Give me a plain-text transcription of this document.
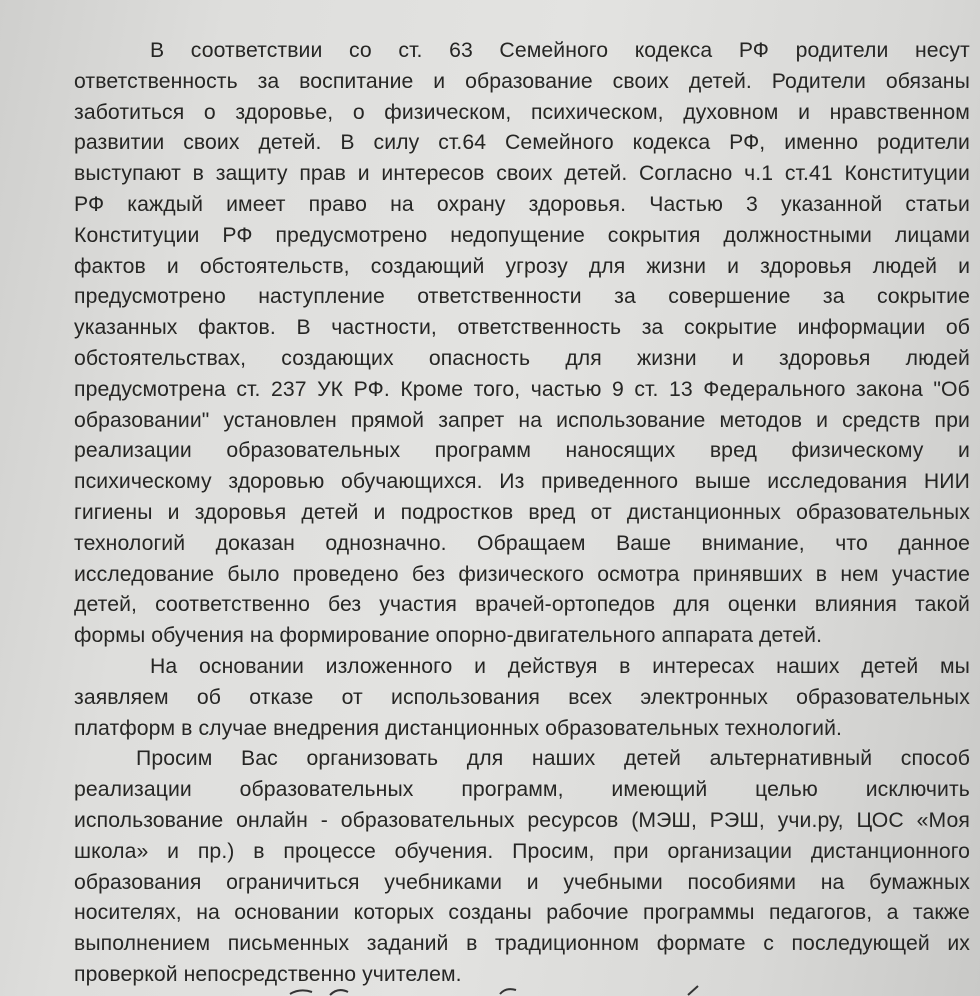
В соответствии со ст. 63 Семейного кодекса РФ родители несут
ответственность за воспитание и образование своих детей. Родители обязаны
заботиться о здоровье, о физическом, психическом, духовном и нравственном
развитии своих детей. В силу ст.64 Семейного кодекса РФ, именно родители
выступают в защиту прав и интересов своих детей. Согласно ч.1 ст.41 Конституции
РФ каждый имеет право на охрану здоровья. Частью 3 указанной статьи
Конституции РФ предусмотрено недопущение сокрытия должностными лицами
фактов и обстоятельств, создающий угрозу для жизни и здоровья людей и
предусмотрено наступление ответственности за совершение за сокрытие
указанных фактов. В частности, ответственность за сокрытие информации об
обстоятельствах, создающих опасность для жизни и здоровья людей
предусмотрена ст. 237 УК РФ. Кроме того, частью 9 ст. 13 Федерального закона "Об
образовании" установлен прямой запрет на использование методов и средств при
реализации образовательных программ наносящих вред физическому и
психическому здоровью обучающихся. Из приведенного выше исследования НИИ
гигиены и здоровья детей и подростков вред от дистанционных образовательных
технологий доказан однозначно. Обращаем Ваше внимание, что данное
исследование было проведено без физического осмотра принявших в нем участие
детей, соответственно без участия врачей-ортопедов для оценки влияния такой
формы обучения на формирование опорно-двигательного аппарата детей.
На основании изложенного и действуя в интересах наших детей мы
заявляем об отказе от использования всех электронных образовательных
платформ в случае внедрения дистанционных образовательных технологий.
Просим Вас организовать для наших детей альтернативный способ
реализации образовательных программ, имеющий целью исключить
использование онлайн - образовательных ресурсов (МЭШ, РЭШ, учи.ру, ЦОС «Моя
школа» и пр.) в процессе обучения. Просим, при организации дистанционного
образования ограничиться учебниками и учебными пособиями на бумажных
носителях, на основании которых созданы рабочие программы педагогов, а также
выполнением письменных заданий в традиционном формате с последующей их
проверкой непосредственно учителем.
